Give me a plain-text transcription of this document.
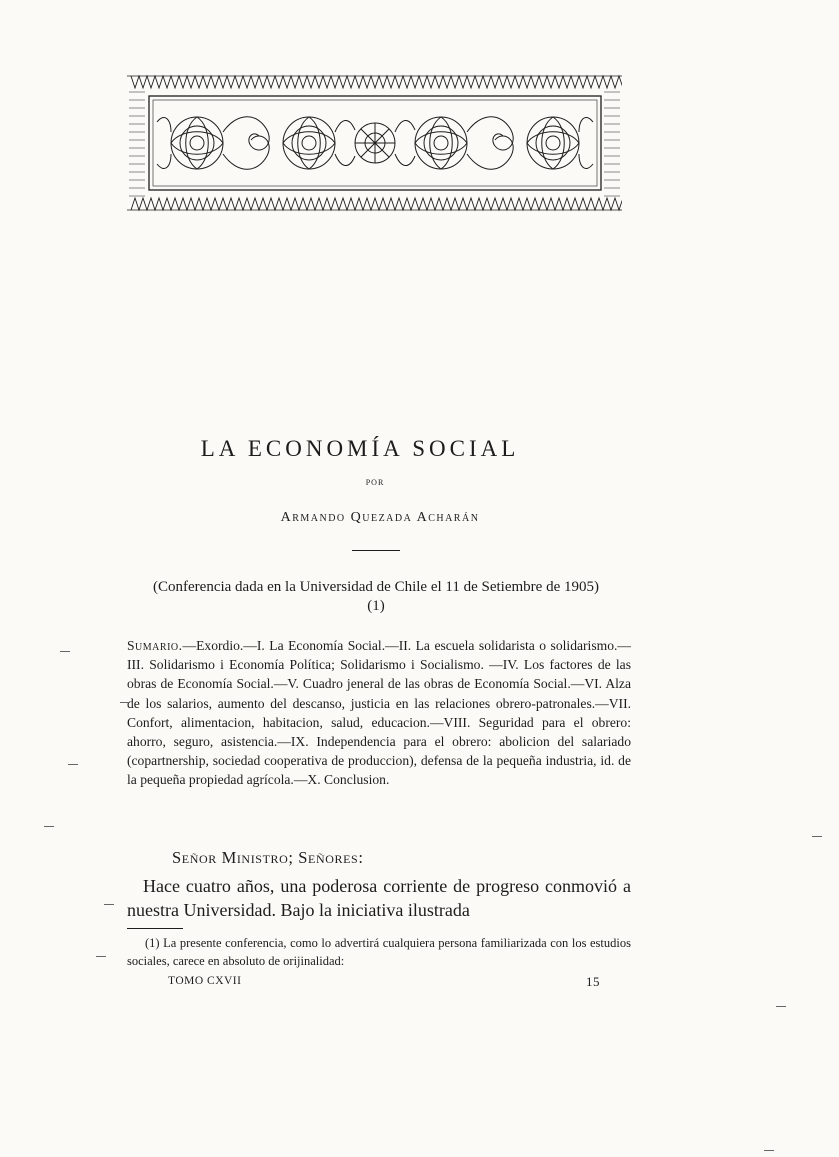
LA ECONOMÍA SOCIAL
POR
Armando Quezada Acharán
(Conferencia dada en la Universidad de Chile el 11 de Setiembre de 1905) (1)
Sumario.—Exordio.—I. La Economía Social.—II. La escuela solidarista o solidarismo.—III. Solidarismo i Economía Política; Solidarismo i Socialismo. —IV. Los factores de las obras de Economía Social.—V. Cuadro jeneral de las obras de Economía Social.—VI. Alza de los salarios, aumento del descanso, justicia en las relaciones obrero-patronales.—VII. Confort, alimentacion, habitacion, salud, educacion.—VIII. Seguridad para el obrero: ahorro, seguro, asistencia.—IX. Independencia para el obrero: abolicion del salariado (copartnership, sociedad cooperativa de produccion), defensa de la pequeña industria, id. de la pequeña propiedad agrícola.—X. Conclusion.
Señor Ministro; Señores:
Hace cuatro años, una poderosa corriente de progreso conmovió a nuestra Universidad. Bajo la iniciativa ilustrada
(1) La presente conferencia, como lo advertirá cualquiera persona familiarizada con los estudios sociales, carece en absoluto de orijinalidad:
TOMO CXVII	15
